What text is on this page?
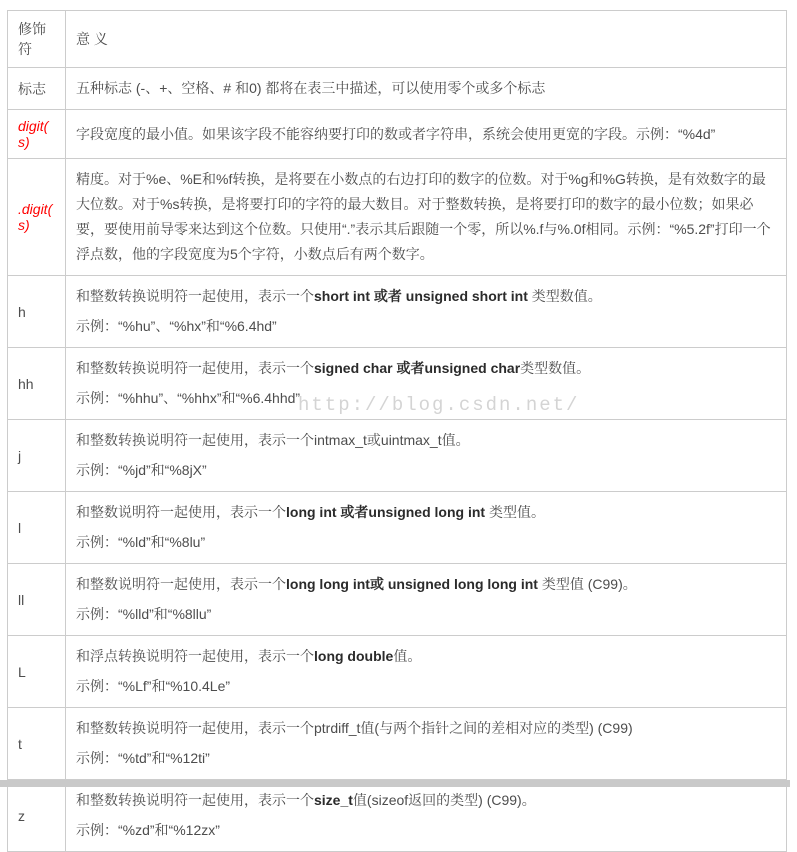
修饰符	意 义
标志	五种标志 (-、+、空格、# 和0) 都将在表三中描述，可以使用零个或多个标志

digit(s)	字段宽度的最小值。如果该字段不能容纳要打印的数或者字符串，系统会使用更宽的字段。示例：“%4d”

.digit(s)	精度。对于%e、%E和%f转换，是将要在小数点的右边打印的数字的位数。对于%g和%G转换，是有效数字的最大位数。对于%s转换，是将要打印的字符的最大数目。对于整数转换，是将要打印的数字的最小位数；如果必要，要使用前导零来达到这个位数。只使用“.”表示其后跟随一个零，所以%.f与%.0f相同。示例：“%5.2f”打印一个浮点数，他的字段宽度为5个字符，小数点后有两个数字。

h	和整数转换说明符一起使用，表示一个short int 或者 unsigned short int 类型数值。

示例：“%hu”、“%hx”和“%6.4hd”

hh	和整数转换说明符一起使用，表示一个signed char 或者unsigned char类型数值。

示例：“%hhu”、“%hhx”和“%6.4hhd”

j	和整数转换说明符一起使用，表示一个intmax_t或uintmax_t值。

示例：“%jd”和“%8jX”

l	和整数说明符一起使用，表示一个long int 或者unsigned long int 类型值。

示例：“%ld”和“%8lu”

ll	和整数说明符一起使用，表示一个long long int或 unsigned long long int 类型值 (C99)。

示例：“%lld”和“%8llu”

L	和浮点转换说明符一起使用，表示一个long double值。

示例：“%Lf”和“%10.4Le”

t	和整数转换说明符一起使用，表示一个ptrdiff_t值(与两个指针之间的差相对应的类型) (C99)

示例：“%td”和“%12ti”

z	和整数转换说明符一起使用，表示一个size_t值(sizeof返回的类型) (C99)。

示例：“%zd”和“%12zx”

http://blog.csdn.net/
